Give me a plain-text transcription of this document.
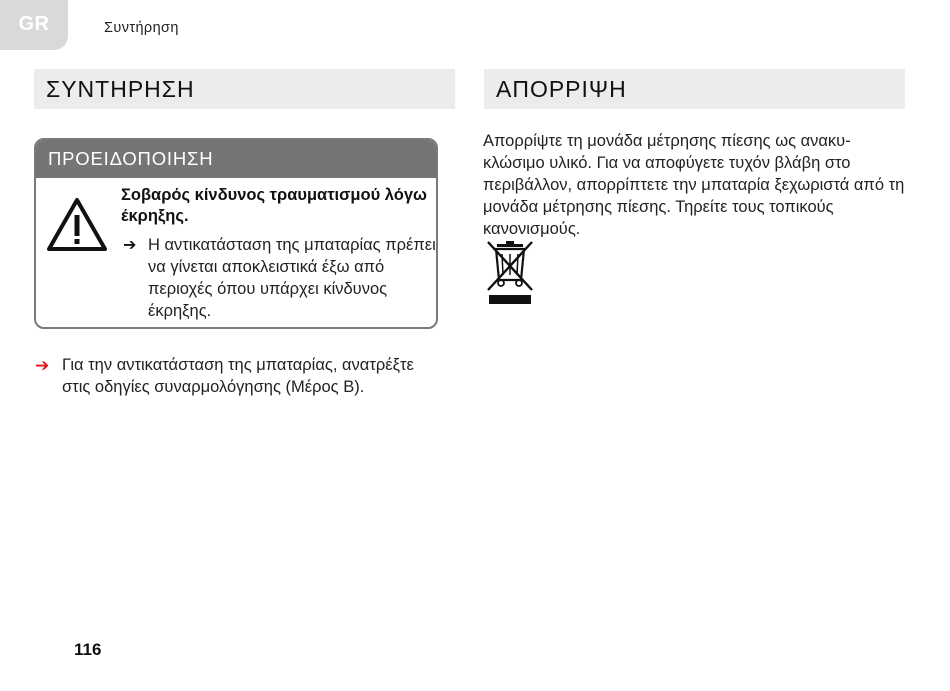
GR	Συντήρηση
ΣΥΝΤΗΡΗΣΗ
ΠΡΟΕΙΔΟΠΟΙΗΣΗ
Σοβαρός κίνδυνος τραυματισμού λόγω έκρηξης.
➔ Η αντικατάσταση της μπαταρίας πρέπει να γίνεται αποκλειστικά έξω από περιοχές όπου υπάρχει κίνδυνος έκρηξης.
➔ Για την αντικατάσταση της μπαταρίας, ανατρέξτε στις οδηγίες συναρμολόγησης (Μέρος B).
ΑΠΟΡΡΙΨΗ
Απορρίψτε τη μονάδα μέτρησης πίεσης ως ανακυ-κλώσιμο υλικό. Για να αποφύγετε τυχόν βλάβη στο περιβάλλον, απορρίπτετε την μπαταρία ξεχωριστά από τη μονάδα μέτρησης πίεσης. Τηρείτε τους τοπικούς κανονισμούς.
116
